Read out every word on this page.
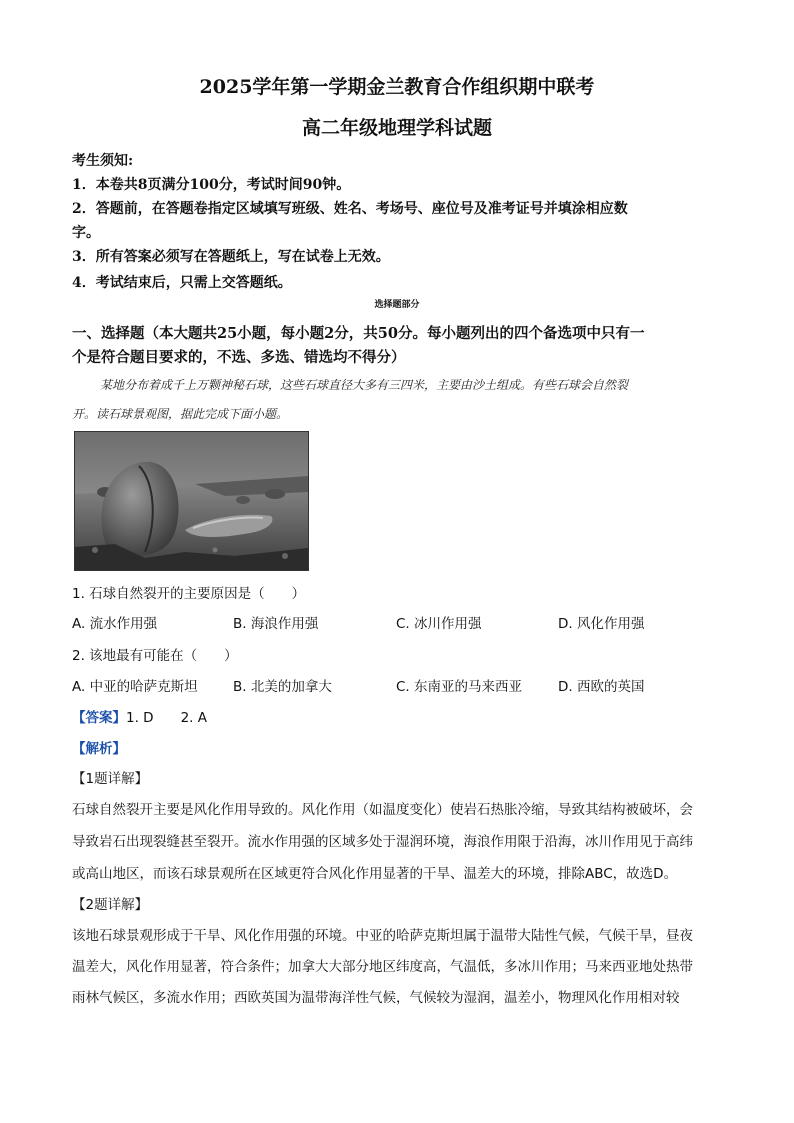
2025学年第一学期金兰教育合作组织期中联考
高二年级地理学科试题
考生须知:
1．本卷共8页满分100分，考试时间90钟。
2．答题前，在答题卷指定区域填写班级、姓名、考场号、座位号及准考证号并填涂相应数
字。
3．所有答案必须写在答题纸上，写在试卷上无效。
4．考试结束后，只需上交答题纸。
选择题部分
一、选择题（本大题共25小题，每小题2分，共50分。每小题列出的四个备选项中只有一
个是符合题目要求的，不选、多选、错选均不得分）
某地分布着成千上万颗神秘石球，这些石球直径大多有三四米，主要由沙土组成。有些石球会自然裂
开。读石球景观图，据此完成下面小题。
1. 石球自然裂开的主要原因是（　　）
A. 流水作用强	B. 海浪作用强	C. 冰川作用强	D. 风化作用强
2. 该地最有可能在（　　）
A. 中亚的哈萨克斯坦	B. 北美的加拿大	C. 东南亚的马来西亚	D. 西欧的英国
【答案】1. D　　2. A
【解析】
【1题详解】
石球自然裂开主要是风化作用导致的。风化作用（如温度变化）使岩石热胀冷缩，导致其结构被破坏，会
导致岩石出现裂缝甚至裂开。流水作用强的区域多处于湿润环境，海浪作用限于沿海，冰川作用见于高纬
或高山地区，而该石球景观所在区域更符合风化作用显著的干旱、温差大的环境，排除ABC，故选D。
【2题详解】
该地石球景观形成于干旱、风化作用强的环境。中亚的哈萨克斯坦属于温带大陆性气候，气候干旱，昼夜
温差大，风化作用显著，符合条件；加拿大大部分地区纬度高，气温低，多冰川作用；马来西亚地处热带
雨林气候区，多流水作用；西欧英国为温带海洋性气候，气候较为湿润，温差小，物理风化作用相对较
